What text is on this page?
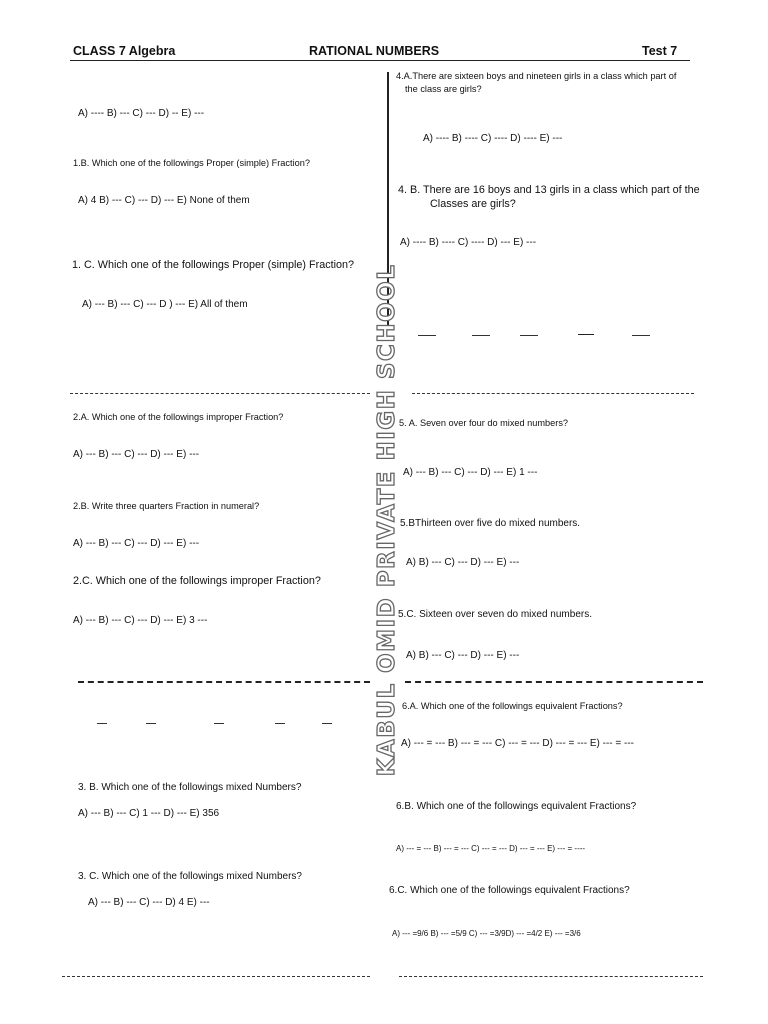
CLASS 7 Algebra	RATIONAL NUMBERS	Test 7
KABUL OMID PRIVATE HIGH SCHOOL
A) ---- B) --- C) --- D) -- E) ---
1.B. Which one of the followings Proper (simple) Fraction?
A) 4 B) --- C) --- D) --- E) None of them
1. C. Which one of the followings Proper (simple) Fraction?
A) --- B) --- C) --- D ) --- E) All of them
2.A. Which one of the followings improper Fraction?
A) --- B) --- C) --- D) --- E) ---
2.B. Write three quarters Fraction in numeral?
A) --- B) --- C) --- D) --- E) ---
2.C. Which one of the followings improper Fraction?
A) --- B) --- C) --- D) --- E) 3 ---
3. B. Which one of the followings mixed Numbers?
A) --- B) --- C) 1 --- D) --- E) 356
3. C. Which one of the followings mixed Numbers?
A) --- B) --- C) --- D) 4 E) ---
4.A.There are sixteen boys and nineteen girls in a class which part of
the class are girls?
A) ---- B) ---- C) ---- D) ---- E) ---
4. B. There are 16 boys and 13 girls in a class which part of the
Classes are girls?
A) ---- B) ---- C) ---- D) --- E) ---
5. A. Seven over four do mixed numbers?
A) --- B) --- C) --- D) --- E) 1 ---
5.BThirteen over five do mixed numbers.
A) B) --- C) --- D) --- E) ---
5.C. Sixteen over seven do mixed numbers.
A) B) --- C) --- D) --- E) ---
6.A. Which one of the followings equivalent Fractions?
A) --- = --- B) --- = --- C) --- = --- D) --- = --- E) --- = ---
6.B. Which one of the followings equivalent Fractions?
A) --- = --- B) --- = --- C) --- = --- D) --- = --- E) --- = ----
6.C. Which one of the followings equivalent Fractions?
A) --- =9/6 B) --- =5/9 C) --- =3/9D) --- =4/2 E) --- =3/6
